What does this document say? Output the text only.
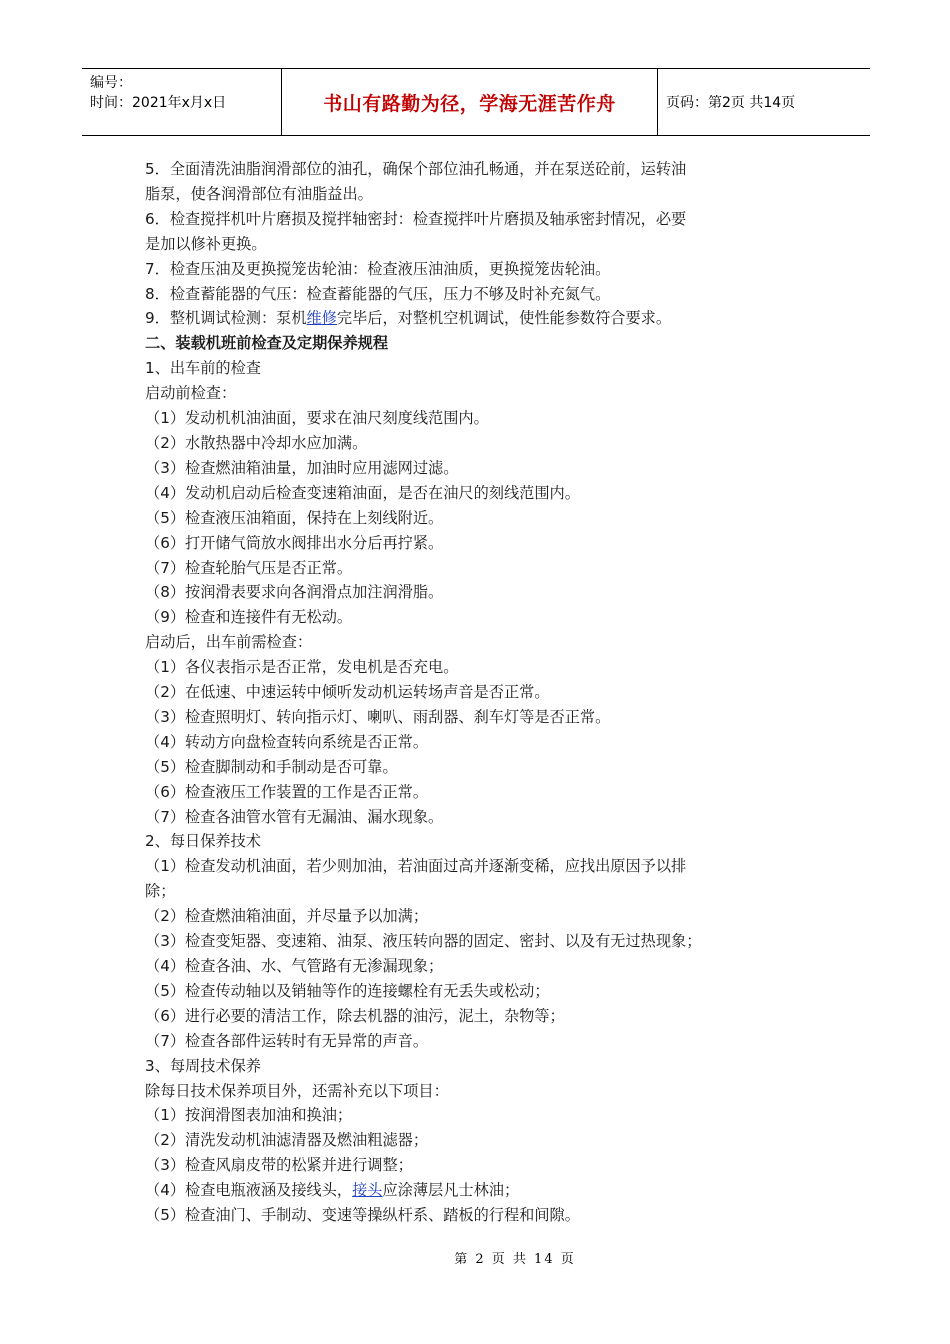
编号：
时间：2021年x月x日	书山有路勤为径，学海无涯苦作舟	页码：第2页 共14页
5．全面清洗油脂润滑部位的油孔，确保个部位油孔畅通，并在泵送砼前，运转油
脂泵，使各润滑部位有油脂益出。
6．检查搅拌机叶片磨损及搅拌轴密封：检查搅拌叶片磨损及轴承密封情况，必要
是加以修补更换。
7．检查压油及更换搅笼齿轮油：检查液压油油质，更换搅笼齿轮油。
8．检查蓄能器的气压：检查蓄能器的气压，压力不够及时补充氮气。
9．整机调试检测：泵机维修完毕后，对整机空机调试，使性能参数符合要求。
二、装载机班前检查及定期保养规程
1、出车前的检查
启动前检查：
（1）发动机机油油面，要求在油尺刻度线范围内。
（2）水散热器中冷却水应加满。
（3）检查燃油箱油量，加油时应用滤网过滤。
（4）发动机启动后检查变速箱油面，是否在油尺的刻线范围内。
（5）检查液压油箱面，保持在上刻线附近。
（6）打开储气筒放水阀排出水分后再拧紧。
（7）检查轮胎气压是否正常。
（8）按润滑表要求向各润滑点加注润滑脂。
（9）检查和连接件有无松动。
启动后，出车前需检查：
（1）各仪表指示是否正常，发电机是否充电。
（2）在低速、中速运转中倾听发动机运转场声音是否正常。
（3）检查照明灯、转向指示灯、喇叭、雨刮器、刹车灯等是否正常。
（4）转动方向盘检查转向系统是否正常。
（5）检查脚制动和手制动是否可靠。
（6）检查液压工作装置的工作是否正常。
（7）检查各油管水管有无漏油、漏水现象。
2、每日保养技术
（1）检查发动机油面，若少则加油，若油面过高并逐渐变稀，应找出原因予以排
除；
（2）检查燃油箱油面，并尽量予以加满；
（3）检查变矩器、变速箱、油泵、液压转向器的固定、密封、以及有无过热现象；
（4）检查各油、水、气管路有无渗漏现象；
（5）检查传动轴以及销轴等作的连接螺栓有无丢失或松动；
（6）进行必要的清洁工作，除去机器的油污，泥土，杂物等；
（7）检查各部件运转时有无异常的声音。
3、每周技术保养
除每日技术保养项目外，还需补充以下项目：
（1）按润滑图表加油和换油；
（2）清洗发动机油滤清器及燃油粗滤器；
（3）检查风扇皮带的松紧并进行调整；
（4）检查电瓶液涵及接线头，接头应涂薄层凡士林油；
（5）检查油门、手制动、变速等操纵杆系、踏板的行程和间隙。
第 2 页 共 14 页
